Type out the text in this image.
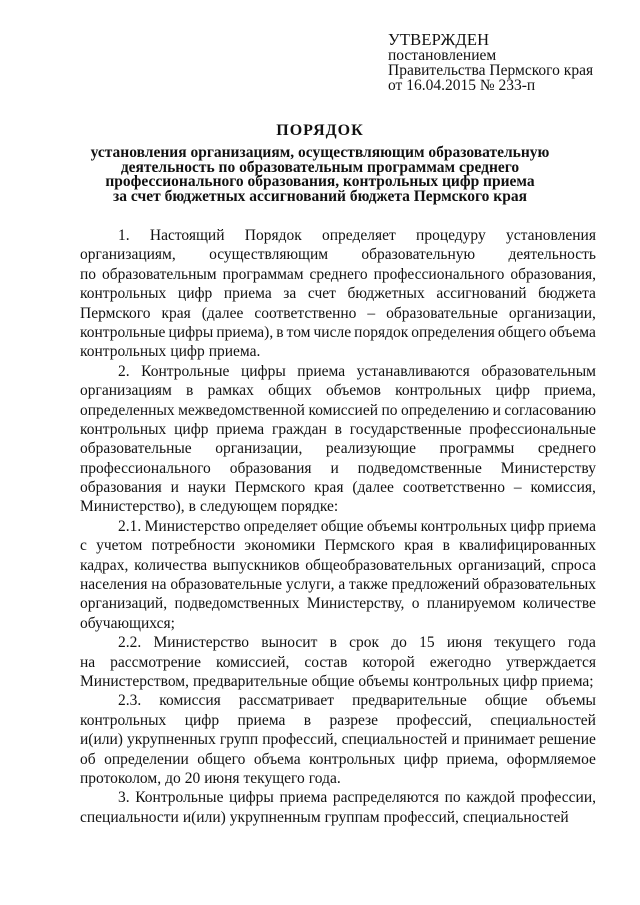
УТВЕРЖДЕН
постановлением
Правительства Пермского края
от 16.04.2015 № 233-п
ПОРЯДОК
установления организациям, осуществляющим образовательную
деятельность по образовательным программам среднего
профессионального образования, контрольных цифр приема
за счет бюджетных ассигнований бюджета Пермского края
1. Настоящий Порядок определяет процедуру установления
организациям, осуществляющим образовательную деятельность
по образовательным программам среднего профессионального образования,
контрольных цифр приема за счет бюджетных ассигнований бюджета
Пермского края (далее соответственно – образовательные организации,
контрольные цифры приема), в том числе порядок определения общего объема
контрольных цифр приема.
2. Контрольные цифры приема устанавливаются образовательным
организациям в рамках общих объемов контрольных цифр приема,
определенных межведомственной комиссией по определению и согласованию
контрольных цифр приема граждан в государственные профессиональные
образовательные организации, реализующие программы среднего
профессионального образования и подведомственные Министерству
образования и науки Пермского края (далее соответственно – комиссия,
Министерство), в следующем порядке:
2.1. Министерство определяет общие объемы контрольных цифр приема
с учетом потребности экономики Пермского края в квалифицированных
кадрах, количества выпускников общеобразовательных организаций, спроса
населения на образовательные услуги, а также предложений образовательных
организаций, подведомственных Министерству, о планируемом количестве
обучающихся;
2.2. Министерство выносит в срок до 15 июня текущего года
на рассмотрение комиссией, состав которой ежегодно утверждается
Министерством, предварительные общие объемы контрольных цифр приема;
2.3. комиссия рассматривает предварительные общие объемы
контрольных цифр приема в разрезе профессий, специальностей
и(или) укрупненных групп профессий, специальностей и принимает решение
об определении общего объема контрольных цифр приема, оформляемое
протоколом, до 20 июня текущего года.
3. Контрольные цифры приема распределяются по каждой профессии,
специальности и(или) укрупненным группам профессий, специальностей
